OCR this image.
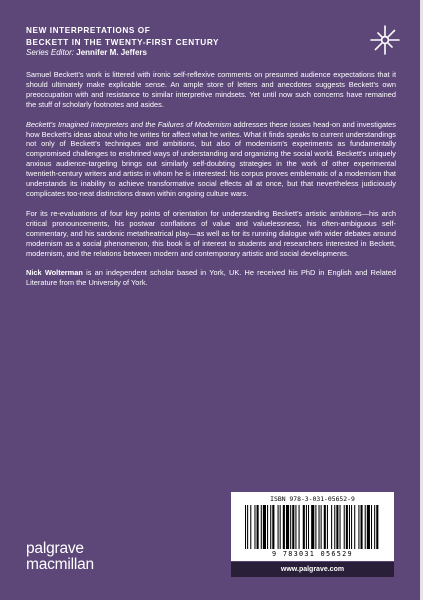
NEW INTERPRETATIONS OF
BECKETT IN THE TWENTY-FIRST CENTURY
Series Editor: Jennifer M. Jeffers

Samuel Beckett’s work is littered with ironic self-reflexive comments on presumed audience expectations that it should ultimately make explicable sense. An ample store of letters and anecdotes suggests Beckett’s own preoccupation with and resistance to similar interpretive mindsets. Yet until now such concerns have remained the stuff of scholarly footnotes and asides.

Beckett’s Imagined Interpreters and the Failures of Modernism addresses these issues head-on and investigates how Beckett’s ideas about who he writes for affect what he writes. What it finds speaks to current understandings not only of Beckett’s techniques and ambitions, but also of modernism’s experiments as fundamentally compromised challenges to enshrined ways of understanding and organizing the social world. Beckett’s uniquely anxious audience-targeting brings out similarly self-doubting strategies in the work of other experimental twentieth-century writers and artists in whom he is interested: his corpus proves emblematic of a modernism that understands its inability to achieve transformative social effects all at once, but that nevertheless judiciously complicates too-neat distinctions drawn within ongoing culture wars.

For its re-evaluations of four key points of orientation for understanding Beckett’s artistic ambitions—his arch critical pronouncements, his postwar conflations of value and valuelessness, his often-ambiguous self-commentary, and his sardonic metatheatrical play—as well as for its running dialogue with wider debates around modernism as a social phenomenon, this book is of interest to students and researchers interested in Beckett, modernism, and the relations between modern and contemporary artistic and social developments.

Nick Wolterman is an independent scholar based in York, UK. He received his PhD in English and Related Literature from the University of York.

ISBN 978-3-031-05652-9
9 783031 056529
www.palgrave.com
palgrave
macmillan
